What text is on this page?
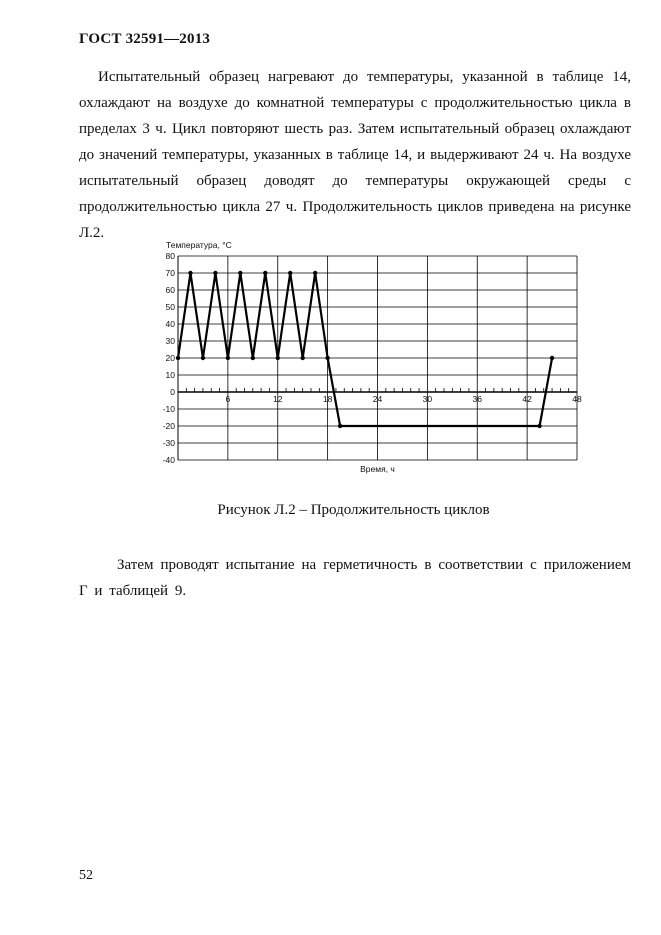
ГОСТ 32591—2013

Испытательный образец нагревают до температуры, указанной в таблице 14, охлаждают на воздухе до комнатной температуры с продолжительностью цикла в пределах 3 ч. Цикл повторяют шесть раз. Затем испытательный образец охлаждают до значений температуры, указанных в таблице 14, и выдерживают 24 ч. На воздухе испытательный образец доводят до температуры окружающей среды с продолжительностью цикла 27 ч. Продолжительность циклов приведена на рисунке Л.2.

-40
-30
-20
-10
0
10
20
30
40
50
60
70
80
6	12	18	24	30	36	42	48
Температура, °С
Время, ч
Рисунок Л.2 – Продолжительность циклов

Затем проводят испытание на герметичность в соответствии с приложением Г и таблицей 9.

52
